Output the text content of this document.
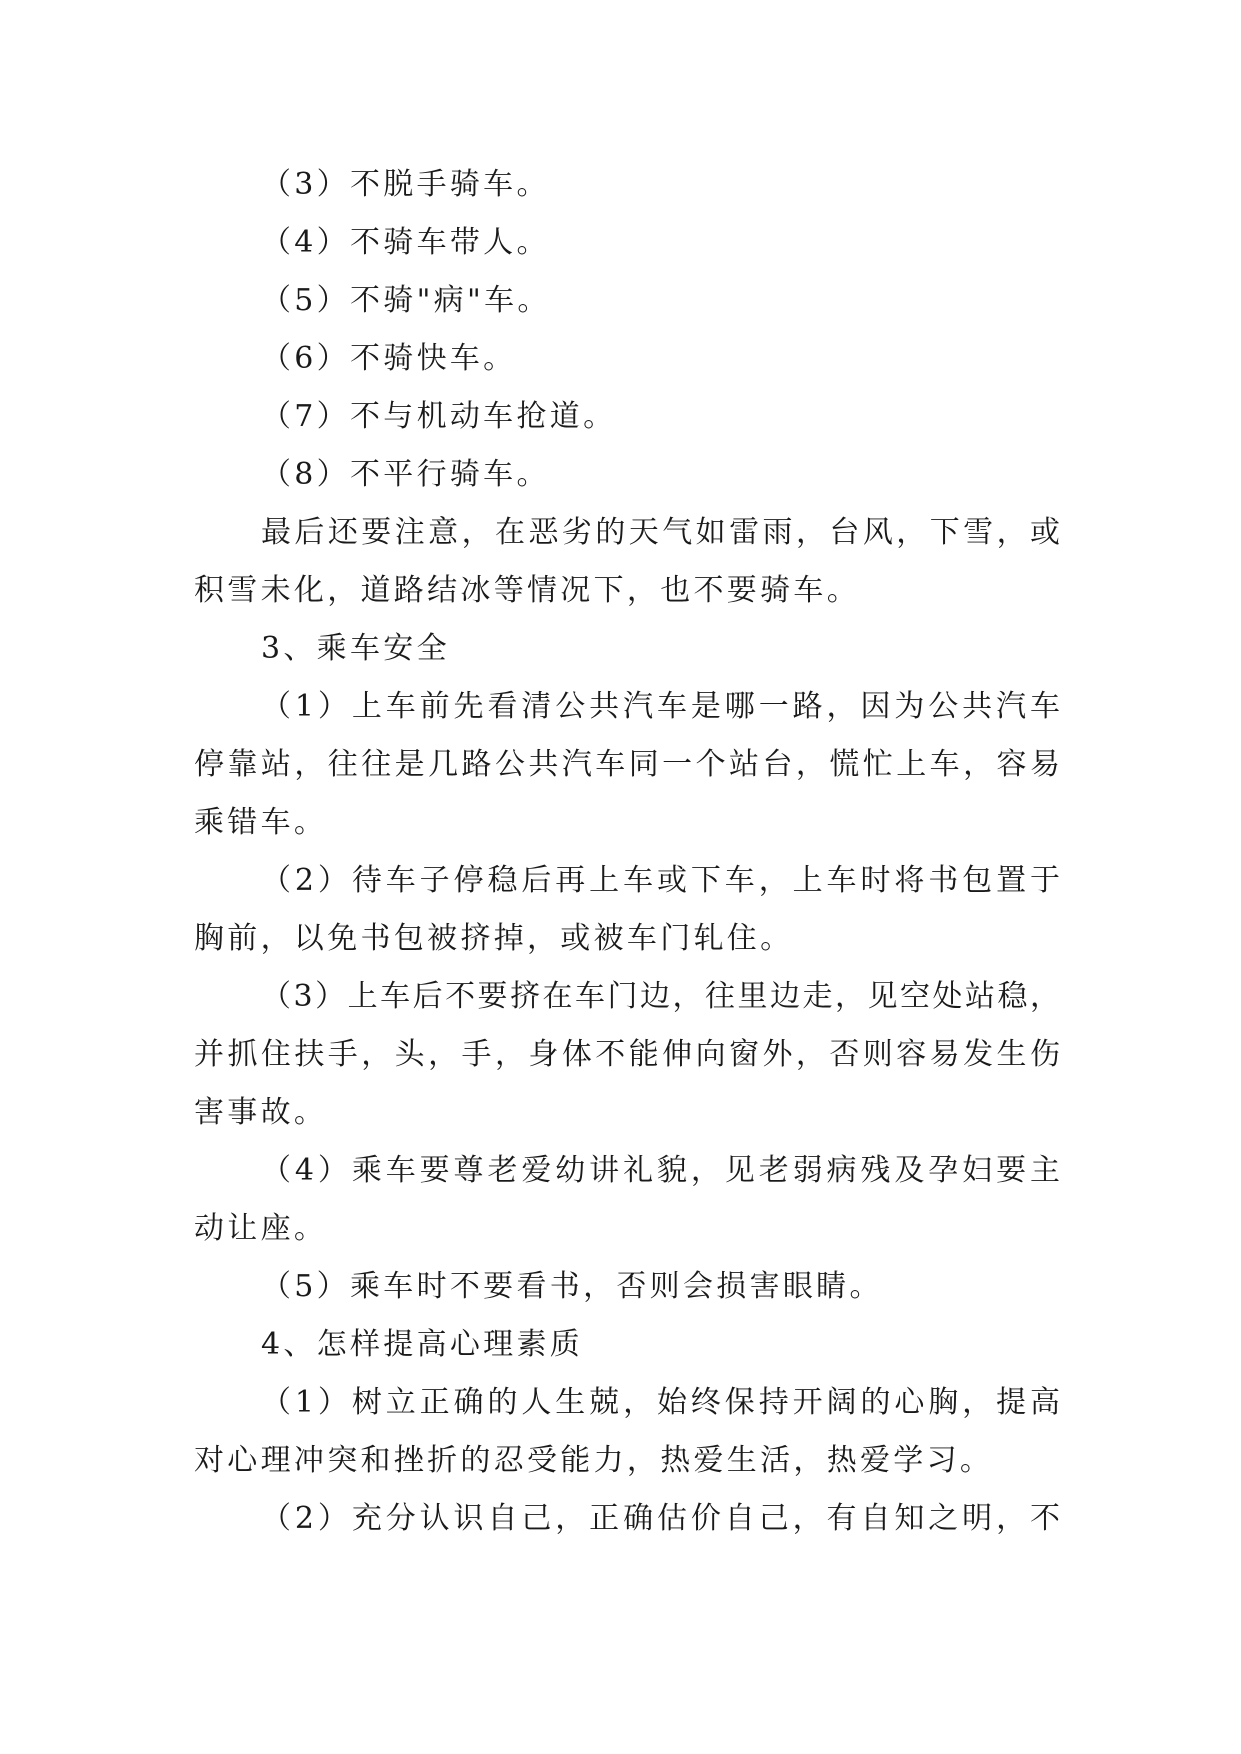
（3）不脱手骑车。
（4）不骑车带人。
（5）不骑"病"车。
（6）不骑快车。
（7）不与机动车抢道。
（8）不平行骑车。
最后还要注意，在恶劣的天气如雷雨，台风，下雪，或
积雪未化，道路结冰等情况下，也不要骑车。
3、乘车安全
（1）上车前先看清公共汽车是哪一路，因为公共汽车
停靠站，往往是几路公共汽车同一个站台，慌忙上车，容易
乘错车。
（2）待车子停稳后再上车或下车，上车时将书包置于
胸前，以免书包被挤掉，或被车门轧住。
（3）上车后不要挤在车门边，往里边走，见空处站稳，
并抓住扶手，头，手，身体不能伸向窗外，否则容易发生伤
害事故。
（4）乘车要尊老爱幼讲礼貌，见老弱病残及孕妇要主
动让座。
（5）乘车时不要看书，否则会损害眼睛。
4、怎样提高心理素质
（1）树立正确的人生兢，始终保持开阔的心胸，提高
对心理冲突和挫折的忍受能力，热爱生活，热爱学习。
（2）充分认识自己，正确估价自己，有自知之明，不
